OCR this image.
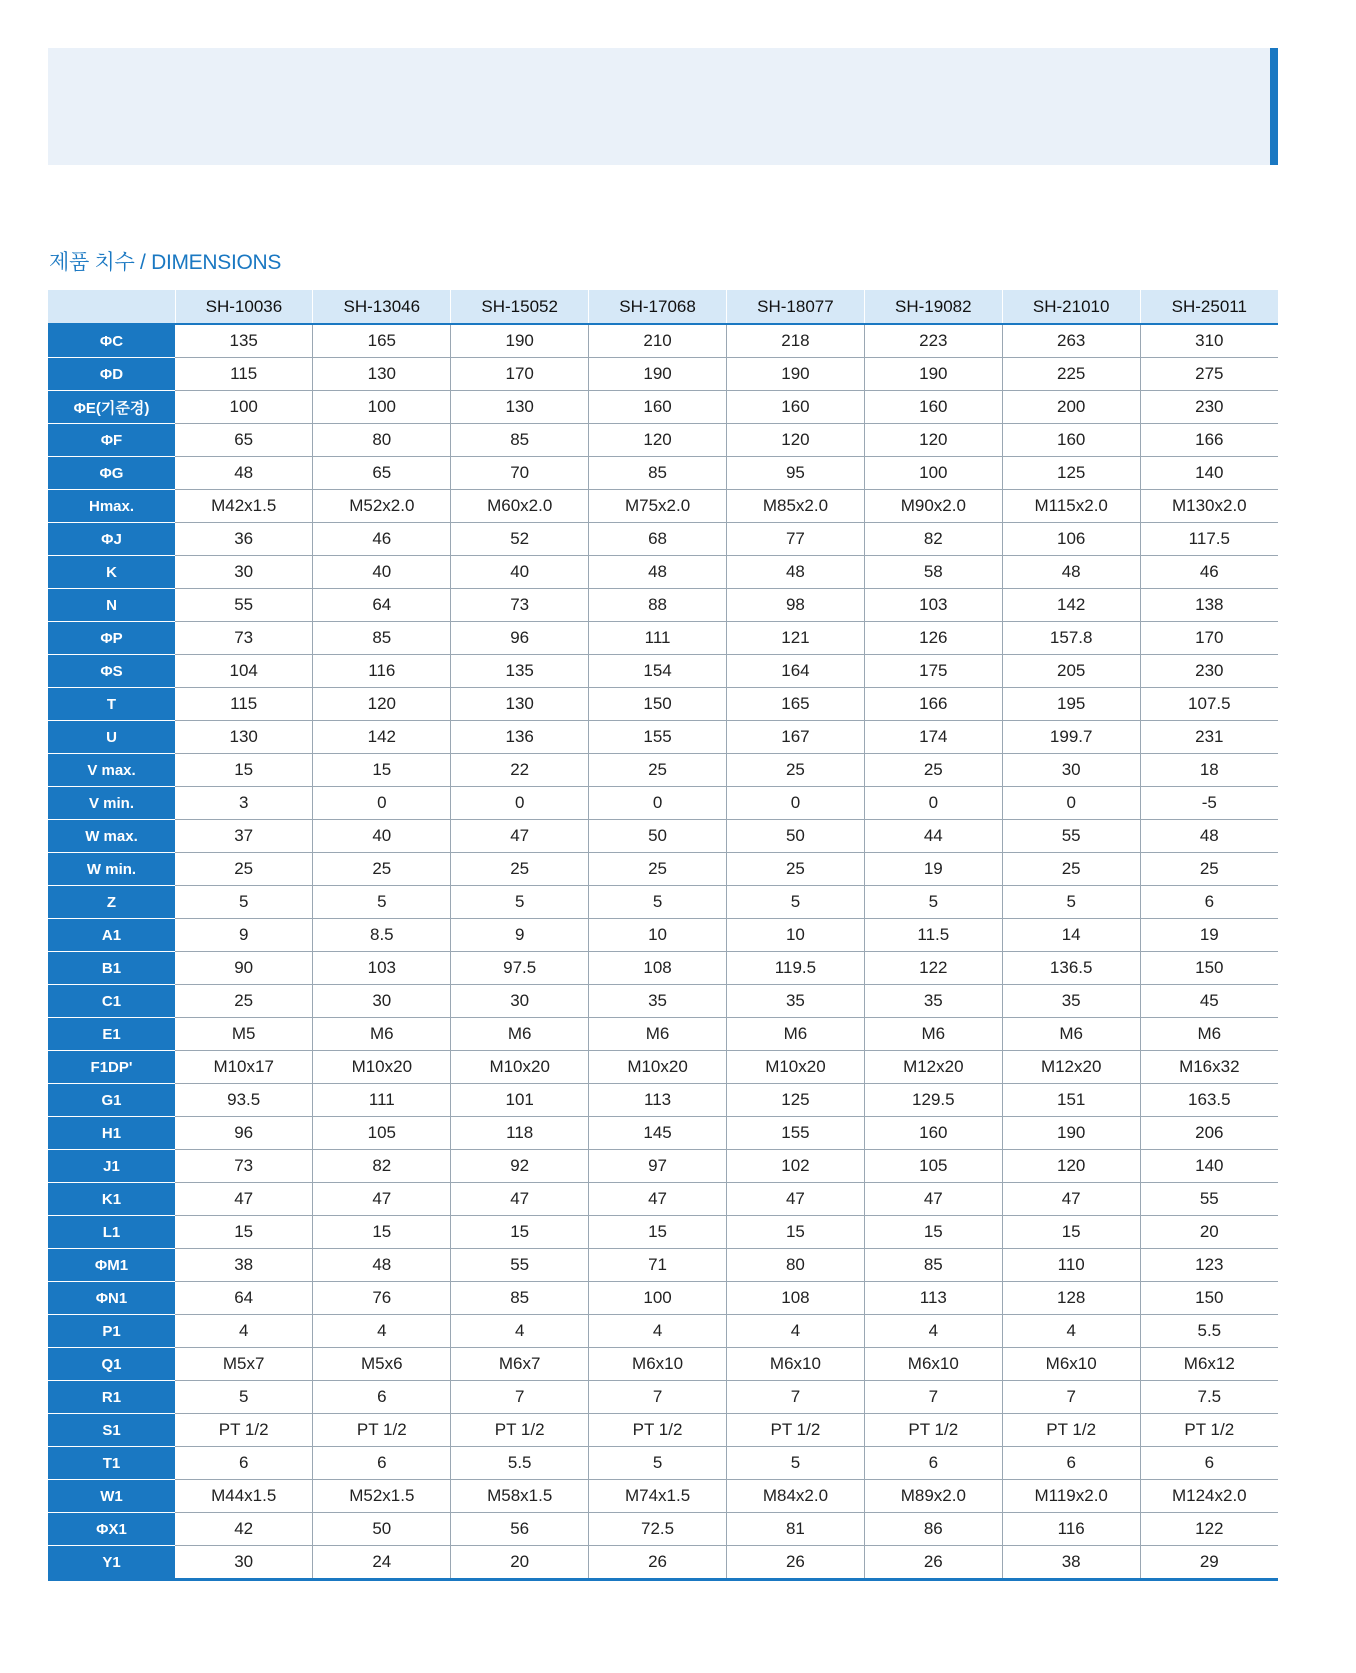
제품 치수 / DIMENSIONS
	SH-10036	SH-13046	SH-15052	SH-17068	SH-18077	SH-19082	SH-21010	SH-25011
ΦC	135	165	190	210	218	223	263	310
ΦD	115	130	170	190	190	190	225	275
ΦE(기준경)	100	100	130	160	160	160	200	230
ΦF	65	80	85	120	120	120	160	166
ΦG	48	65	70	85	95	100	125	140
Hmax.	M42x1.5	M52x2.0	M60x2.0	M75x2.0	M85x2.0	M90x2.0	M115x2.0	M130x2.0
ΦJ	36	46	52	68	77	82	106	117.5
K	30	40	40	48	48	58	48	46
N	55	64	73	88	98	103	142	138
ΦP	73	85	96	111	121	126	157.8	170
ΦS	104	116	135	154	164	175	205	230
T	115	120	130	150	165	166	195	107.5
U	130	142	136	155	167	174	199.7	231
V max.	15	15	22	25	25	25	30	18
V min.	3	0	0	0	0	0	0	-5
W max.	37	40	47	50	50	44	55	48
W min.	25	25	25	25	25	19	25	25
Z	5	5	5	5	5	5	5	6
A1	9	8.5	9	10	10	11.5	14	19
B1	90	103	97.5	108	119.5	122	136.5	150
C1	25	30	30	35	35	35	35	45
E1	M5	M6	M6	M6	M6	M6	M6	M6
F1DP'	M10x17	M10x20	M10x20	M10x20	M10x20	M12x20	M12x20	M16x32
G1	93.5	111	101	113	125	129.5	151	163.5
H1	96	105	118	145	155	160	190	206
J1	73	82	92	97	102	105	120	140
K1	47	47	47	47	47	47	47	55
L1	15	15	15	15	15	15	15	20
ΦM1	38	48	55	71	80	85	110	123
ΦN1	64	76	85	100	108	113	128	150
P1	4	4	4	4	4	4	4	5.5
Q1	M5x7	M5x6	M6x7	M6x10	M6x10	M6x10	M6x10	M6x12
R1	5	6	7	7	7	7	7	7.5
S1	PT 1/2	PT 1/2	PT 1/2	PT 1/2	PT 1/2	PT 1/2	PT 1/2	PT 1/2
T1	6	6	5.5	5	5	6	6	6
W1	M44x1.5	M52x1.5	M58x1.5	M74x1.5	M84x2.0	M89x2.0	M119x2.0	M124x2.0
ΦX1	42	50	56	72.5	81	86	116	122
Y1	30	24	20	26	26	26	38	29
